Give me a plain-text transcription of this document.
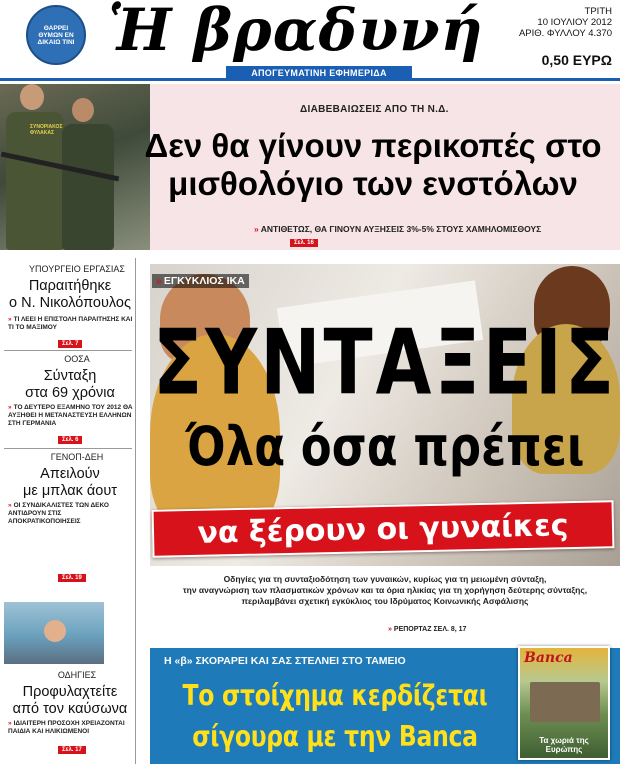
ΘΑΡΡΕΙ ΘΥΜΩΝ ΕΝ ΔΙΚΑΙΩ ΤΙΝΙ Ἡ βραδυνή
ΑΠΟΓΕΥΜΑΤΙΝΗ ΕΦΗΜΕΡΙΔΑ
ΤΡΙΤΗ
10 ΙΟΥΛΙΟΥ 2012
ΑΡΙΘ. ΦΥΛΛΟΥ 4.370
0,50 ΕΥΡΩ
ΣΥΝΟΡΙΑΚΟΣ ΦΥΛΑΚΑΣ
ΔΙΑΒΕΒΑΙΩΣΕΙΣ ΑΠΟ ΤΗ Ν.Δ.
Δεν θα γίνουν περικοπές στο
μισθολόγιο των ενστόλων
» ΑΝΤΙΘΕΤΩΣ, ΘΑ ΓΙΝΟΥΝ ΑΥΞΗΣΕΙΣ 3%-5% ΣΤΟΥΣ ΧΑΜΗΛΟΜΙΣΘΟΥΣ
Σελ. 16
ΥΠΟΥΡΓΕΙΟ ΕΡΓΑΣΙΑΣ
Παραιτήθηκε
ο Ν. Νικολόπουλος
» ΤΙ ΛΕΕΙ Η ΕΠΙΣΤΟΛΗ ΠΑΡΑΙΤΗΣΗΣ ΚΑΙ ΤΙ ΤΟ ΜΑΞΙΜΟΥ
Σελ. 7
ΟΟΣΑ
Σύνταξη
στα 69 χρόνια
» ΤΟ ΔΕΥΤΕΡΟ ΕΞΑΜΗΝΟ ΤΟΥ 2012 ΘΑ ΑΥΞΗΘΕΙ Η ΜΕΤΑΝΑΣΤΕΥΣΗ ΕΛΛΗΝΩΝ ΣΤΗ ΓΕΡΜΑΝΙΑ
Σελ. 6
ΓΕΝΟΠ-ΔΕΗ
Απειλούν
με μπλακ άουτ
» ΟΙ ΣΥΝΔΙΚΑΛΙΣΤΕΣ ΤΩΝ ΔΕΚΟ ΑΝΤΙΔΡΟΥΝ ΣΤΙΣ ΑΠΟΚΡΑΤΙΚΟΠΟΙΗΣΕΙΣ
Σελ. 19
ΟΔΗΓΙΕΣ
Προφυλαχτείτε
από τον καύσωνα
» ΙΔΙΑΙΤΕΡΗ ΠΡΟΣΟΧΗ ΧΡΕΙΑΖΟΝΤΑΙ ΠΑΙΔΙΑ ΚΑΙ ΗΛΙΚΙΩΜΕΝΟΙ
Σελ. 17
» ΕΓΚΥΚΛΙΟΣ ΙΚΑ
ΣΥΝΤΑΞΕΙΣ
Όλα όσα πρέπει
να ξέρουν οι γυναίκες
Οδηγίες για τη συνταξιοδότηση των γυναικών, κυρίως για τη μειωμένη σύνταξη,
την αναγνώριση των πλασματικών χρόνων και τα όρια ηλικίας για τη χορήγηση δεύτερης σύνταξης,
περιλαμβάνει σχετική εγκύκλιος του Ιδρύματος Κοινωνικής Ασφάλισης
» ΡΕΠΟΡΤΑΖ ΣΕΛ. 8, 17
Η «β» ΣΚΟΡΑΡΕΙ ΚΑΙ ΣΑΣ ΣΤΕΛΝΕΙ ΣΤΟ ΤΑΜΕΙΟ
Το στοίχημα κερδίζεται
σίγουρα με την Banca
Banca
Τα χωριά της Ευρώπης
